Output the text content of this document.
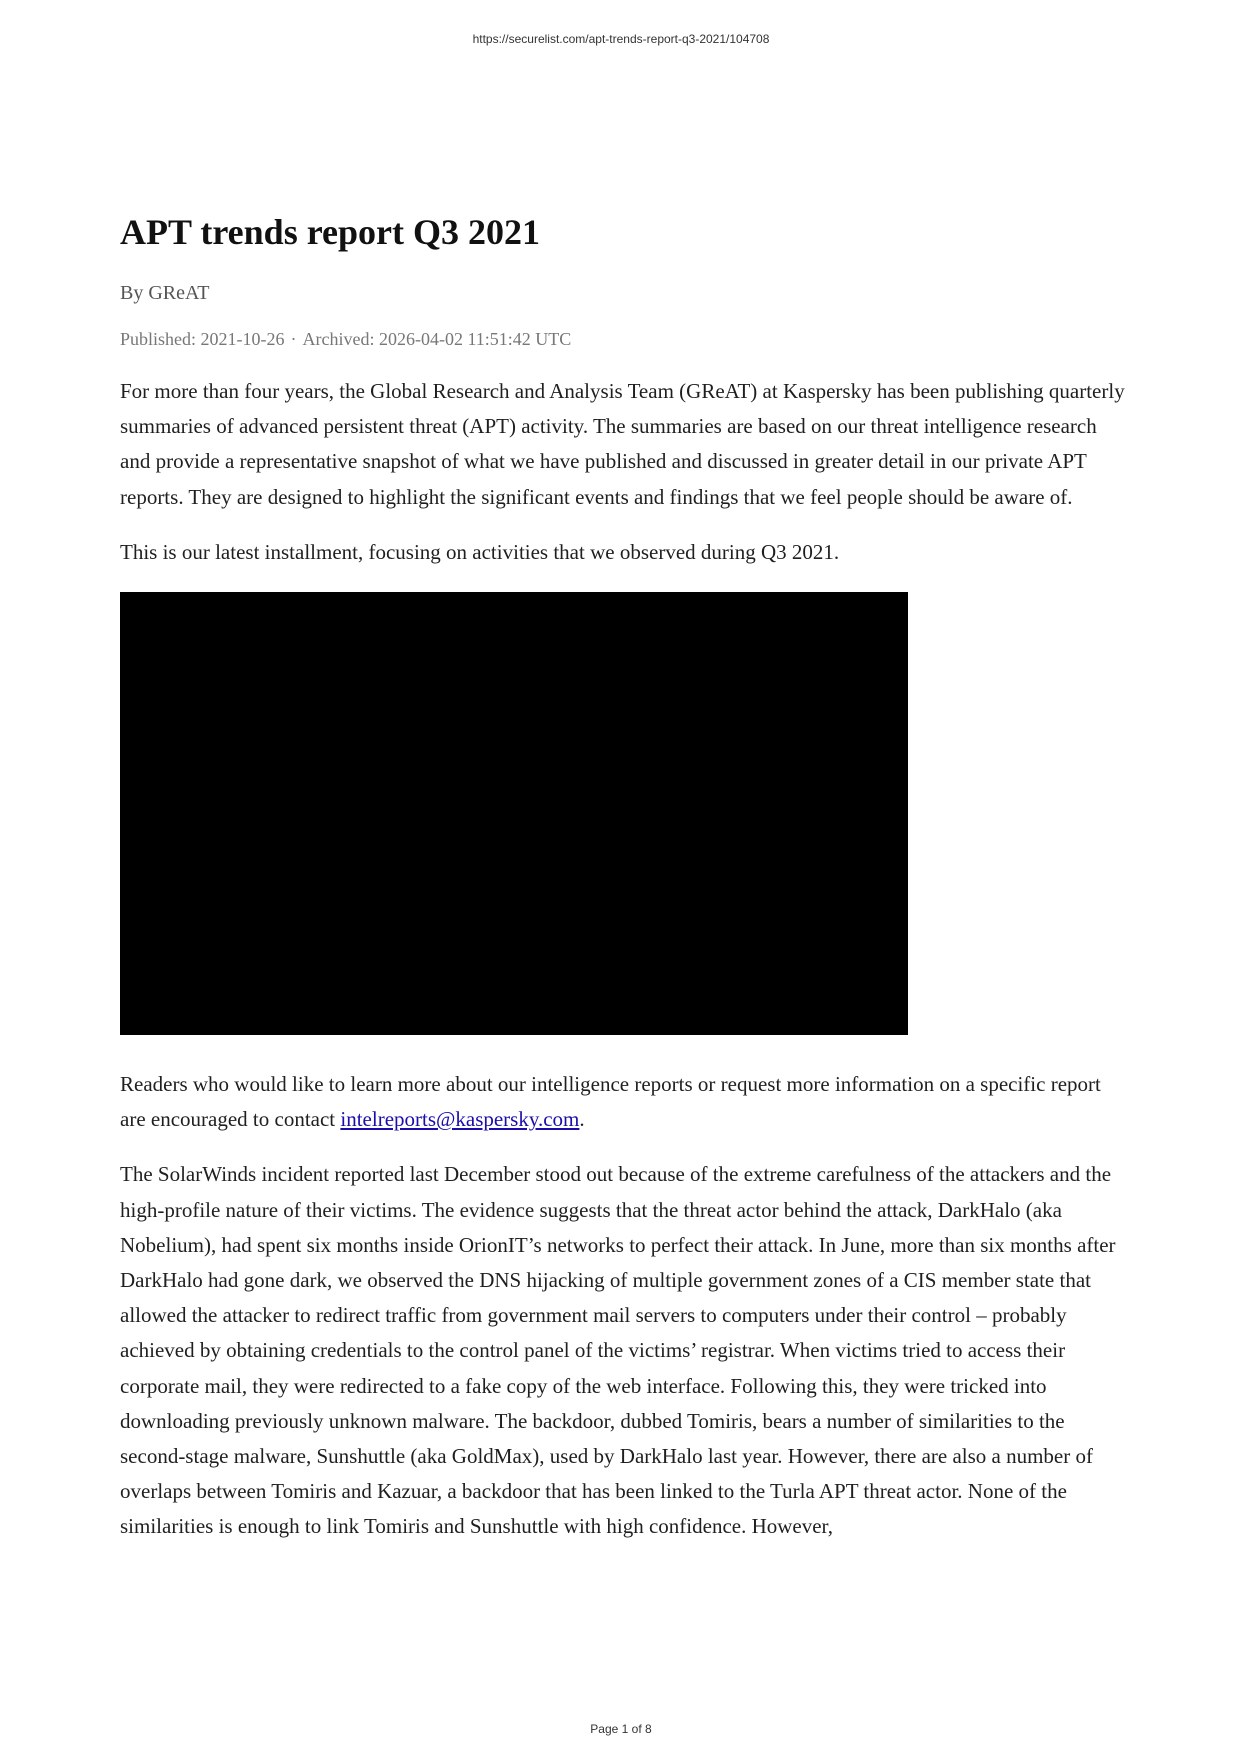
https://securelist.com/apt-trends-report-q3-2021/104708
APT trends report Q3 2021

By GReAT

Published: 2021-10-26 · Archived: 2026-04-02 11:51:42 UTC

For more than four years, the Global Research and Analysis Team (GReAT) at Kaspersky has been publishing quarterly summaries of advanced persistent threat (APT) activity. The summaries are based on our threat intelligence research and provide a representative snapshot of what we have published and discussed in greater detail in our private APT reports. They are designed to highlight the significant events and findings that we feel people should be aware of.

This is our latest installment, focusing on activities that we observed during Q3 2021.

Readers who would like to learn more about our intelligence reports or request more information on a specific report are encouraged to contact intelreports@kaspersky.com.

The SolarWinds incident reported last December stood out because of the extreme carefulness of the attackers and the high-profile nature of their victims. The evidence suggests that the threat actor behind the attack, DarkHalo (aka Nobelium), had spent six months inside OrionIT’s networks to perfect their attack. In June, more than six months after DarkHalo had gone dark, we observed the DNS hijacking of multiple government zones of a CIS member state that allowed the attacker to redirect traffic from government mail servers to computers under their control – probably achieved by obtaining credentials to the control panel of the victims’ registrar. When victims tried to access their corporate mail, they were redirected to a fake copy of the web interface. Following this, they were tricked into downloading previously unknown malware. The backdoor, dubbed Tomiris, bears a number of similarities to the second-stage malware, Sunshuttle (aka GoldMax), used by DarkHalo last year. However, there are also a number of overlaps between Tomiris and Kazuar, a backdoor that has been linked to the Turla APT threat actor. None of the similarities is enough to link Tomiris and Sunshuttle with high confidence. However,

Page 1 of 8
